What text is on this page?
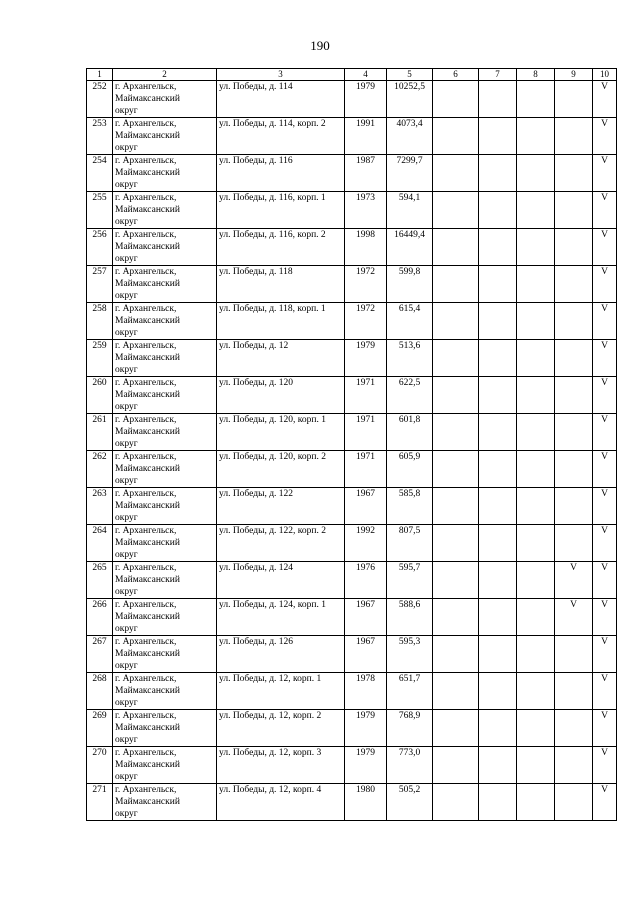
190
1	2	3	4	5	6	7	8	9	10
252	г. Архангельск,
Маймаксанский
округ	ул. Победы, д. 114	1979	10252,5					V
253	г. Архангельск,
Маймаксанский
округ	ул. Победы, д. 114, корп. 2	1991	4073,4					V
254	г. Архангельск,
Маймаксанский
округ	ул. Победы, д. 116	1987	7299,7					V
255	г. Архангельск,
Маймаксанский
округ	ул. Победы, д. 116, корп. 1	1973	594,1					V
256	г. Архангельск,
Маймаксанский
округ	ул. Победы, д. 116, корп. 2	1998	16449,4					V
257	г. Архангельск,
Маймаксанский
округ	ул. Победы, д. 118	1972	599,8					V
258	г. Архангельск,
Маймаксанский
округ	ул. Победы, д. 118, корп. 1	1972	615,4					V
259	г. Архангельск,
Маймаксанский
округ	ул. Победы, д. 12	1979	513,6					V
260	г. Архангельск,
Маймаксанский
округ	ул. Победы, д. 120	1971	622,5					V
261	г. Архангельск,
Маймаксанский
округ	ул. Победы, д. 120, корп. 1	1971	601,8					V
262	г. Архангельск,
Маймаксанский
округ	ул. Победы, д. 120, корп. 2	1971	605,9					V
263	г. Архангельск,
Маймаксанский
округ	ул. Победы, д. 122	1967	585,8					V
264	г. Архангельск,
Маймаксанский
округ	ул. Победы, д. 122, корп. 2	1992	807,5					V
265	г. Архангельск,
Маймаксанский
округ	ул. Победы, д. 124	1976	595,7				V	V
266	г. Архангельск,
Маймаксанский
округ	ул. Победы, д. 124, корп. 1	1967	588,6				V	V
267	г. Архангельск,
Маймаксанский
округ	ул. Победы, д. 126	1967	595,3					V
268	г. Архангельск,
Маймаксанский
округ	ул. Победы, д. 12, корп. 1	1978	651,7					V
269	г. Архангельск,
Маймаксанский
округ	ул. Победы, д. 12, корп. 2	1979	768,9					V
270	г. Архангельск,
Маймаксанский
округ	ул. Победы, д. 12, корп. 3	1979	773,0					V
271	г. Архангельск,
Маймаксанский
округ	ул. Победы, д. 12, корп. 4	1980	505,2					V
